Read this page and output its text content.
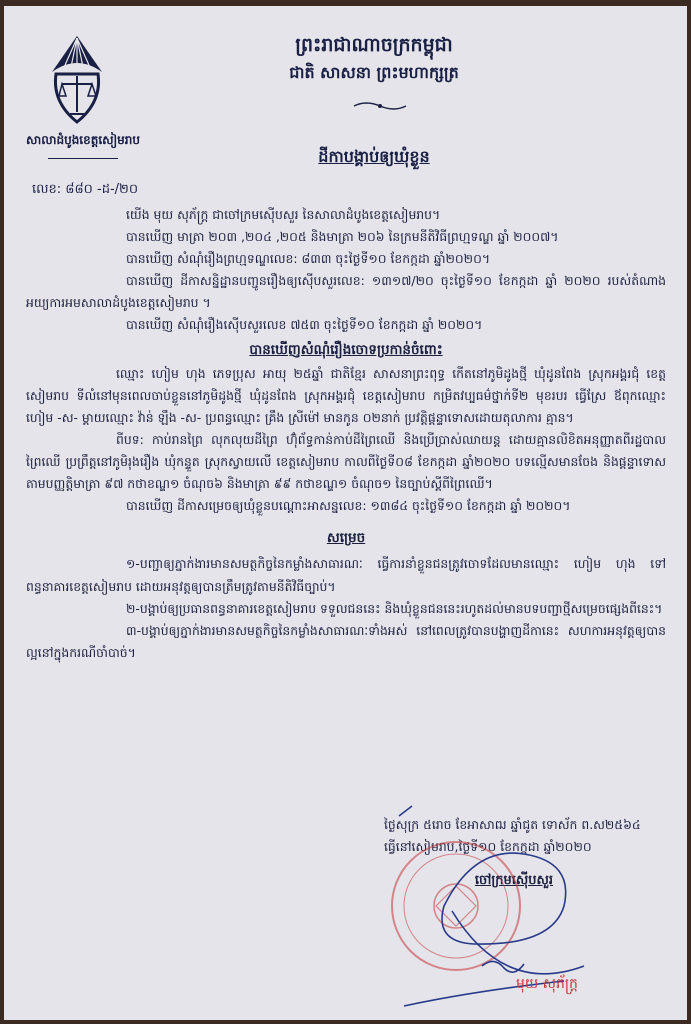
សាលាដំបូងខេត្តសៀមរាប
ព្រះរាជាណាចក្រកម្ពុជា
ជាតិ សាសនា ព្រះមហាក្សត្រ
ដីកាបង្គាប់ឲ្យឃុំខ្លួន
លេខ: ៨៨០ -ដ-/២០

យើង មុយ សុភ័ក្ត្រ ជាចៅក្រមស៊ើបសួរ នៃសាលាដំបូងខេត្តសៀមរាប។

បានឃើញ មាត្រា ២០៣ ,២០៤ ,២០៥ និងមាត្រា ២០៦ នៃក្រមនីតិវិធីព្រហ្មទណ្ឌ ឆ្នាំ ២០០៧។

បានឃើញ សំណុំរឿងព្រហ្មទណ្ឌលេខ: ៨៣៣ ចុះថ្ងៃទី១០ ខែកក្កដា ឆ្នាំ២០២០។

បានឃើញ ដីកាសន្និដ្ឋានបញ្ជូនរឿងឲ្យស៊ើបសួរលេខ: ១៣១៧/២០ ចុះថ្ងៃទី១០ ខែកក្កដា ឆ្នាំ ២០២០ របស់តំណាងអយ្យការអមសាលាដំបូងខេត្តសៀមរាប ។

បានឃើញ សំណុំរឿងស៊ើបសួរលេខ ៧៥៣ ចុះថ្ងៃទី១០ ខែកក្កដា ឆ្នាំ ២០២០។

បានឃើញសំណុំរឿងចោទប្រកាន់ចំពោះ

ឈ្មោះ ហៀម ហុង ភេទប្រុស អាយុ ២៥ឆ្នាំ ជាតិខ្មែរ សាសនាព្រះពុទ្ធ កើតនៅភូមិដូងថ្មី ឃុំដូនពែង ស្រុកអង្គរជុំ ខេត្តសៀមរាប ទីលំនៅមុនពេលចាប់ខ្លួននៅភូមិដូងថ្មី ឃុំដូនពែង ស្រុកអង្គរជុំ ខេត្តសៀមរាប កម្រិតវប្បធម៌ថ្នាក់ទី២ មុខរបរ ធ្វើស្រែ ឪពុកឈ្មោះ ហៀម -ស- ម្ដាយឈ្មោះ វ៉ាន់ ឡឹង -ស- ប្រពន្ធឈ្មោះ គ្រឹង ស្រីម៉ៅ មានកូន ០២នាក់ ប្រវត្តិផ្ដន្ទាទោសដោយតុលាការ គ្មាន។

ពីបទ: កាប់រានព្រៃ លុកលុយដីព្រៃ ហ៊ុំព័ទ្ធកាន់កាប់ដីព្រៃឈើ និងប្រើប្រាស់ឈាយន្ត ដោយគ្មានលិខិតអនុញ្ញាតពីរដ្ឋបាលព្រៃឈើ ប្រព្រឹត្តនៅភូមិរុងរឿង ឃុំកន្ទួត ស្រុកស្វាយលើ ខេត្តសៀមរាប កាលពីថ្ងៃទី០៨ ខែកក្កដា ឆ្នាំ២០២០ បទល្មើសមានចែង និងផ្ដន្ទាទោសតាមបញ្ញត្តិមាត្រា ៩៧ កថាខណ្ឌ១ ចំណុច៦ និងមាត្រា ៩៩ កថាខណ្ឌ១ ចំណុច១ នៃច្បាប់ស្ដីពីព្រៃឈើ។

បានឃើញ ដីកាសម្រេចឲ្យឃុំខ្លួនបណ្ដោះអាសន្នលេខ: ១៣៨៤ ចុះថ្ងៃទី១០ ខែកក្កដា ឆ្នាំ ២០២០។

សម្រេច

១-បញ្ជាឲ្យភ្នាក់ងារមានសមត្ថកិច្ចនៃកម្លាំងសាធារណៈ ធ្វើការនាំខ្លួនជនត្រូវចោទដែលមានឈ្មោះ ហៀម ហុង ទៅពន្ធនាគារខេត្តសៀមរាប ដោយអនុវត្តឲ្យបានត្រឹមត្រូវតាមនីតិវិធីច្បាប់។

២-បង្គាប់ឲ្យប្រធានពន្ធនាគារខេត្តសៀមរាប ទទួលជននេះ និងឃុំខ្លួនជននេះរហូតដល់មានបទបញ្ជាថ្មីសម្រេចផ្សេងពីនេះ។

៣-បង្គាប់ឲ្យភ្នាក់ងារមានសមត្ថកិច្ចនៃកម្លាំងសាធារណៈទាំងអស់ នៅពេលត្រូវបានបង្ហាញដីកានេះ សហការអនុវត្តឲ្យបានល្អនៅក្នុងករណីចាំបាច់។

ថ្ងៃសុក្រ ៥រោច ខែអាសាឍ ឆ្នាំជូត ទោស័ក ព.ស២៥៦៤
ធ្វើនៅសៀមរាប,ថ្ងៃទី១០ ខែកក្កដា ឆ្នាំ២០២០
ចៅក្រមស៊ើបសួរ
មុយ សុភ័ក្ត្រ
